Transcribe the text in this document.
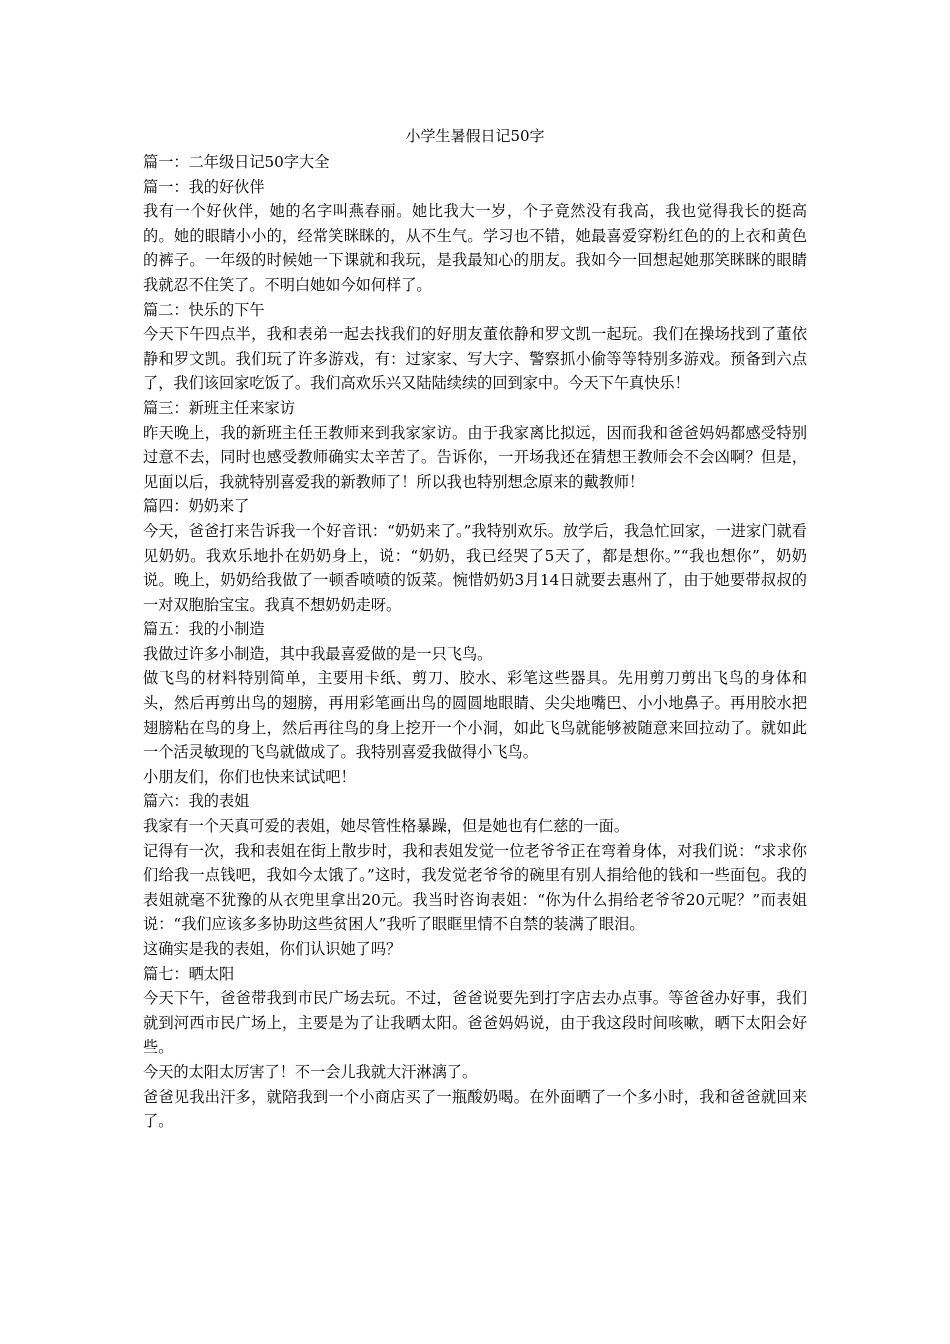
小学生暑假日记50字

篇一：二年级日记50字大全

篇一：我的好伙伴

我有一个好伙伴，她的名字叫燕春丽。她比我大一岁，个子竟然没有我高，我也觉得我长的挺高的。她的眼睛小小的，经常笑眯眯的，从不生气。学习也不错，她最喜爱穿粉红色的的上衣和黄色的裤子。一年级的时候她一下课就和我玩，是我最知心的朋友。我如今一回想起她那笑眯眯的眼睛我就忍不住笑了。不明白她如今如何样了。

篇二：快乐的下午

今天下午四点半，我和表弟一起去找我们的好朋友董依静和罗文凯一起玩。我们在操场找到了董依静和罗文凯。我们玩了许多游戏，有：过家家、写大字、警察抓小偷等等特别多游戏。预备到六点了，我们该回家吃饭了。我们高欢乐兴又陆陆续续的回到家中。今天下午真快乐！

篇三：新班主任来家访

昨天晚上，我的新班主任王教师来到我家家访。由于我家离比拟远，因而我和爸爸妈妈都感受特别过意不去，同时也感受教师确实太辛苦了。告诉你，一开场我还在猜想王教师会不会凶啊？但是，见面以后，我就特别喜爱我的新教师了！所以我也特别想念原来的戴教师！

篇四：奶奶来了

今天，爸爸打来告诉我一个好音讯：“奶奶来了。”我特别欢乐。放学后，我急忙回家，一进家门就看见奶奶。我欢乐地扑在奶奶身上，说：“奶奶，我已经哭了5天了，都是想你。”“我也想你”，奶奶说。晚上，奶奶给我做了一顿香喷喷的饭菜。惋惜奶奶3月14日就要去惠州了，由于她要带叔叔的一对双胞胎宝宝。我真不想奶奶走呀。

篇五：我的小制造

我做过许多小制造，其中我最喜爱做的是一只飞鸟。

做飞鸟的材料特别简单，主要用卡纸、剪刀、胶水、彩笔这些器具。先用剪刀剪出飞鸟的身体和头，然后再剪出鸟的翅膀，再用彩笔画出鸟的圆圆地眼睛、尖尖地嘴巴、小小地鼻子。再用胶水把翅膀粘在鸟的身上，然后再往鸟的身上挖开一个小洞，如此飞鸟就能够被随意来回拉动了。就如此一个活灵敏现的飞鸟就做成了。我特别喜爱我做得小飞鸟。

小朋友们，你们也快来试试吧！

篇六：我的表姐

我家有一个天真可爱的表姐，她尽管性格暴躁，但是她也有仁慈的一面。

记得有一次，我和表姐在街上散步时，我和表姐发觉一位老爷爷正在弯着身体，对我们说：“求求你们给我一点钱吧，我如今太饿了。”这时，我发觉老爷爷的碗里有别人捐给他的钱和一些面包。我的表姐就毫不犹豫的从衣兜里拿出20元。我当时咨询表姐：“你为什么捐给老爷爷20元呢？”而表姐说：“我们应该多多协助这些贫困人”我听了眼眶里情不自禁的装满了眼泪。

这确实是我的表姐，你们认识她了吗？

篇七：晒太阳

今天下午，爸爸带我到市民广场去玩。不过，爸爸说要先到打字店去办点事。等爸爸办好事，我们就到河西市民广场上，主要是为了让我晒太阳。爸爸妈妈说，由于我这段时间咳嗽，晒下太阳会好些。

今天的太阳太厉害了！不一会儿我就大汗淋漓了。

爸爸见我出汗多，就陪我到一个小商店买了一瓶酸奶喝。在外面晒了一个多小时，我和爸爸就回来了。
